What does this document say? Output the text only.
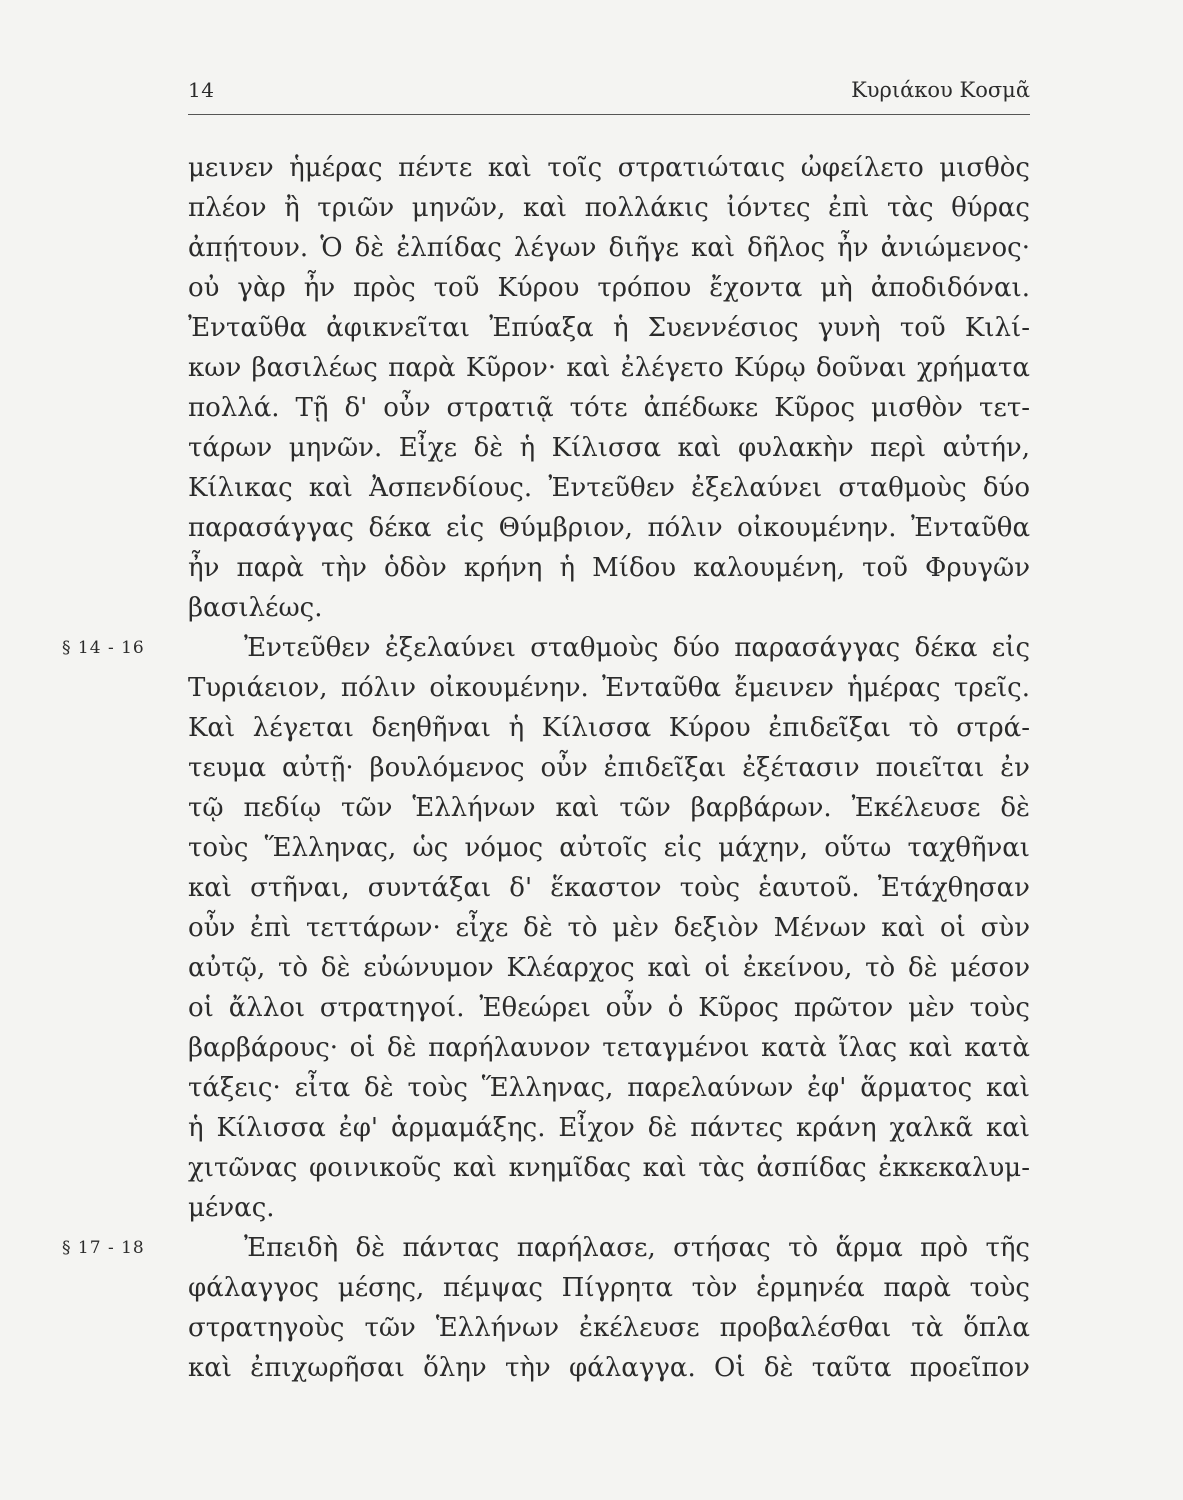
14	Κυριάκου Κοσμᾶ
μεινεν ἡμέρας πέντε καὶ τοῖς στρατιώταις ὠφείλετο μισθὸς
πλέον ἢ τριῶν μηνῶν, καὶ πολλάκις ἰόντες ἐπὶ τὰς θύρας
ἀπῄτουν. Ὁ δὲ ἐλπίδας λέγων διῆγε καὶ δῆλος ἦν ἀνιώμενος·
οὐ γὰρ ἦν πρὸς τοῦ Κύρου τρόπου ἔχοντα μὴ ἀποδιδόναι.
Ἐνταῦθα ἀφικνεῖται Ἐπύαξα ἡ Συεννέσιος γυνὴ τοῦ Κιλί-
κων βασιλέως παρὰ Κῦρον· καὶ ἐλέγετο Κύρῳ δοῦναι χρήματα
πολλά. Τῇ δ' οὖν στρατιᾷ τότε ἀπέδωκε Κῦρος μισθὸν τετ-
τάρων μηνῶν. Εἶχε δὲ ἡ Κίλισσα καὶ φυλακὴν περὶ αὐτήν,
Κίλικας καὶ Ἀσπενδίους. Ἐντεῦθεν ἐξελαύνει σταθμοὺς δύο
παρασάγγας δέκα εἰς Θύμβριον, πόλιν οἰκουμένην. Ἐνταῦθα
ἦν παρὰ τὴν ὁδὸν κρήνη ἡ Μίδου καλουμένη, τοῦ Φρυγῶν
βασιλέως.
Ἐντεῦθεν ἐξελαύνει σταθμοὺς δύο παρασάγγας δέκα εἰς
§ 14 - 16
Τυριάειον, πόλιν οἰκουμένην. Ἐνταῦθα ἔμεινεν ἡμέρας τρεῖς.
Καὶ λέγεται δεηθῆναι ἡ Κίλισσα Κύρου ἐπιδεῖξαι τὸ στρά-
τευμα αὐτῇ· βουλόμενος οὖν ἐπιδεῖξαι ἐξέτασιν ποιεῖται ἐν
τῷ πεδίῳ τῶν Ἑλλήνων καὶ τῶν βαρβάρων. Ἐκέλευσε δὲ
τοὺς Ἕλληνας, ὡς νόμος αὐτοῖς εἰς μάχην, οὕτω ταχθῆναι
καὶ στῆναι, συντάξαι δ' ἕκαστον τοὺς ἑαυτοῦ. Ἐτάχθησαν
οὖν ἐπὶ τεττάρων· εἶχε δὲ τὸ μὲν δεξιὸν Μένων καὶ οἱ σὺν
αὐτῷ, τὸ δὲ εὐώνυμον Κλέαρχος καὶ οἱ ἐκείνου, τὸ δὲ μέσον
οἱ ἄλλοι στρατηγοί. Ἐθεώρει οὖν ὁ Κῦρος πρῶτον μὲν τοὺς
βαρβάρους· οἱ δὲ παρήλαυνον τεταγμένοι κατὰ ἴλας καὶ κατὰ
τάξεις· εἶτα δὲ τοὺς Ἕλληνας, παρελαύνων ἐφ' ἅρματος καὶ
ἡ Κίλισσα ἐφ' ἁρμαμάξης. Εἶχον δὲ πάντες κράνη χαλκᾶ καὶ
χιτῶνας φοινικοῦς καὶ κνημῖδας καὶ τὰς ἀσπίδας ἐκκεκαλυμ-
μένας.
Ἐπειδὴ δὲ πάντας παρήλασε, στήσας τὸ ἅρμα πρὸ τῆς
§ 17 - 18
φάλαγγος μέσης, πέμψας Πίγρητα τὸν ἑρμηνέα παρὰ τοὺς
στρατηγοὺς τῶν Ἑλλήνων ἐκέλευσε προβαλέσθαι τὰ ὅπλα
καὶ ἐπιχωρῆσαι ὅλην τὴν φάλαγγα. Οἱ δὲ ταῦτα προεῖπον
